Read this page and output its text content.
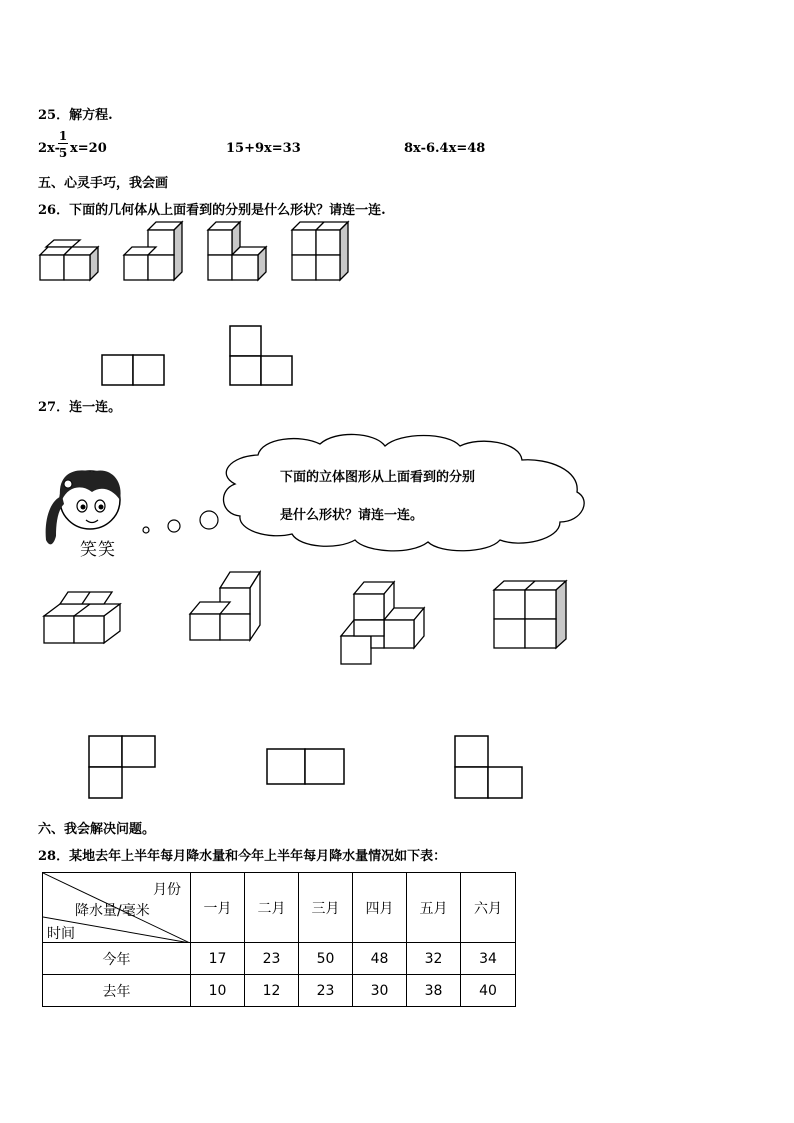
25．解方程.
2x-
1
5 x=20	15+9x=33	8x-6.4x=48
五、心灵手巧，我会画
26．下面的几何体从上面看到的分别是什么形状？请连一连.
27．连一连。
下面的立体图形从上面看到的分别
是什么形状？请连一连。
笑笑
六、我会解决问题。
28．某地去年上半年每月降水量和今年上半年每月降水量情况如下表：
月份
降水量/毫米
时间	一月	二月	三月	四月	五月	六月
今年	17	23	50	48	32	34
去年	10	12	23	30	38	40
